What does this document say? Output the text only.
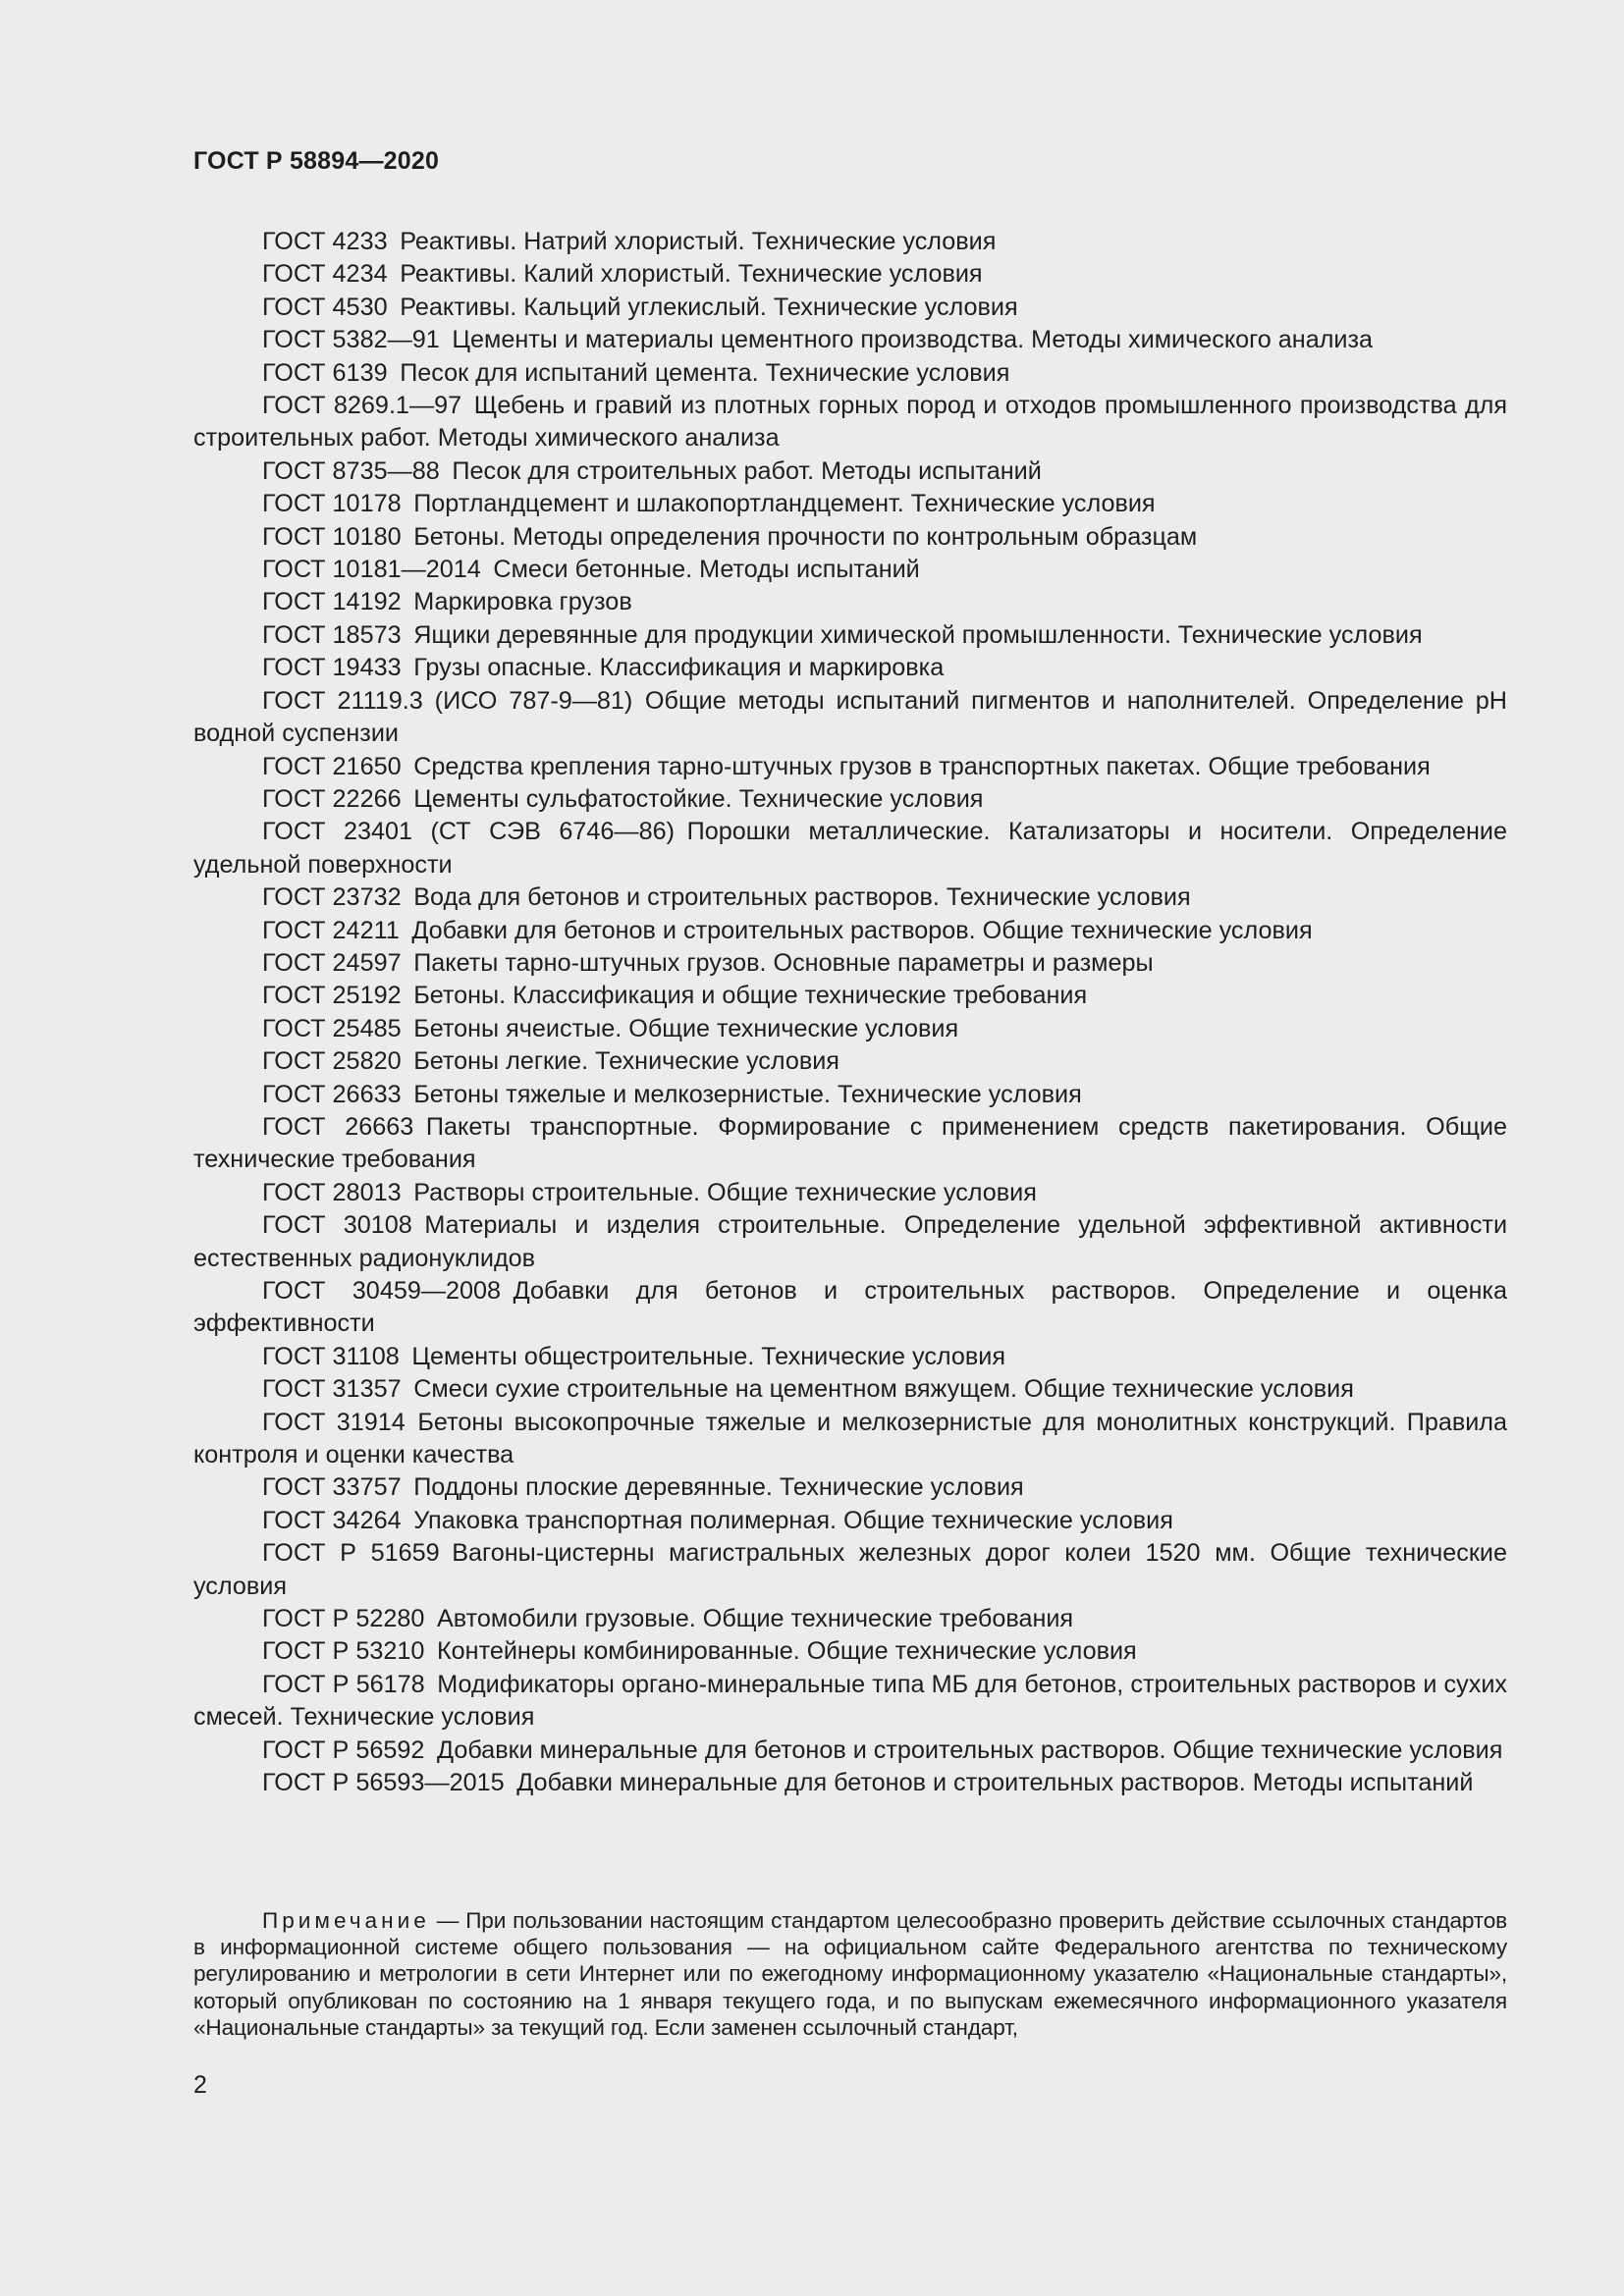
ГОСТ Р 58894—2020

ГОСТ 4233  Реактивы. Натрий хлористый. Технические условия

ГОСТ 4234  Реактивы. Калий хлористый. Технические условия

ГОСТ 4530  Реактивы. Кальций углекислый. Технические условия

ГОСТ 5382—91  Цементы и материалы цементного производства. Методы химического анализа

ГОСТ 6139  Песок для испытаний цемента. Технические условия

ГОСТ 8269.1—97  Щебень и гравий из плотных горных пород и отходов промышленного производства для строительных работ. Методы химического анализа

ГОСТ 8735—88  Песок для строительных работ. Методы испытаний

ГОСТ 10178  Портландцемент и шлакопортландцемент. Технические условия

ГОСТ 10180  Бетоны. Методы определения прочности по контрольным образцам

ГОСТ 10181—2014  Смеси бетонные. Методы испытаний

ГОСТ 14192  Маркировка грузов

ГОСТ 18573  Ящики деревянные для продукции химической промышленности. Технические условия

ГОСТ 19433  Грузы опасные. Классификация и маркировка

ГОСТ 21119.3 (ИСО 787-9—81)  Общие методы испытаний пигментов и наполнителей. Определение рН водной суспензии

ГОСТ 21650  Средства крепления тарно-штучных грузов в транспортных пакетах. Общие требования

ГОСТ 22266  Цементы сульфатостойкие. Технические условия

ГОСТ 23401 (СТ СЭВ 6746—86)  Порошки металлические. Катализаторы и носители. Определение удельной поверхности

ГОСТ 23732  Вода для бетонов и строительных растворов. Технические условия

ГОСТ 24211  Добавки для бетонов и строительных растворов. Общие технические условия

ГОСТ 24597  Пакеты тарно-штучных грузов. Основные параметры и размеры

ГОСТ 25192  Бетоны. Классификация и общие технические требования

ГОСТ 25485  Бетоны ячеистые. Общие технические условия

ГОСТ 25820  Бетоны легкие. Технические условия

ГОСТ 26633  Бетоны тяжелые и мелкозернистые. Технические условия

ГОСТ 26663  Пакеты транспортные. Формирование с применением средств пакетирования. Общие технические требования

ГОСТ 28013  Растворы строительные. Общие технические условия

ГОСТ 30108  Материалы и изделия строительные. Определение удельной эффективной активности естественных радионуклидов

ГОСТ 30459—2008  Добавки для бетонов и строительных растворов. Определение и оценка эффективности

ГОСТ 31108  Цементы общестроительные. Технические условия

ГОСТ 31357  Смеси сухие строительные на цементном вяжущем. Общие технические условия

ГОСТ 31914  Бетоны высокопрочные тяжелые и мелкозернистые для монолитных конструкций. Правила контроля и оценки качества

ГОСТ 33757  Поддоны плоские деревянные. Технические условия

ГОСТ 34264  Упаковка транспортная полимерная. Общие технические условия

ГОСТ Р 51659  Вагоны-цистерны магистральных железных дорог колеи 1520 мм. Общие технические условия

ГОСТ Р 52280  Автомобили грузовые. Общие технические требования

ГОСТ Р 53210  Контейнеры комбинированные. Общие технические условия

ГОСТ Р 56178  Модификаторы органо-минеральные типа МБ для бетонов, строительных растворов и сухих смесей. Технические условия

ГОСТ Р 56592  Добавки минеральные для бетонов и строительных растворов. Общие технические условия

ГОСТ Р 56593—2015  Добавки минеральные для бетонов и строительных растворов. Методы испытаний

Примечание — При пользовании настоящим стандартом целесообразно проверить действие ссылочных стандартов в информационной системе общего пользования — на официальном сайте Федерального агентства по техническому регулированию и метрологии в сети Интернет или по ежегодному информационному указателю «Национальные стандарты», который опубликован по состоянию на 1 января текущего года, и по выпускам ежемесячного информационного указателя «Национальные стандарты» за текущий год. Если заменен ссылочный стандарт,
2
